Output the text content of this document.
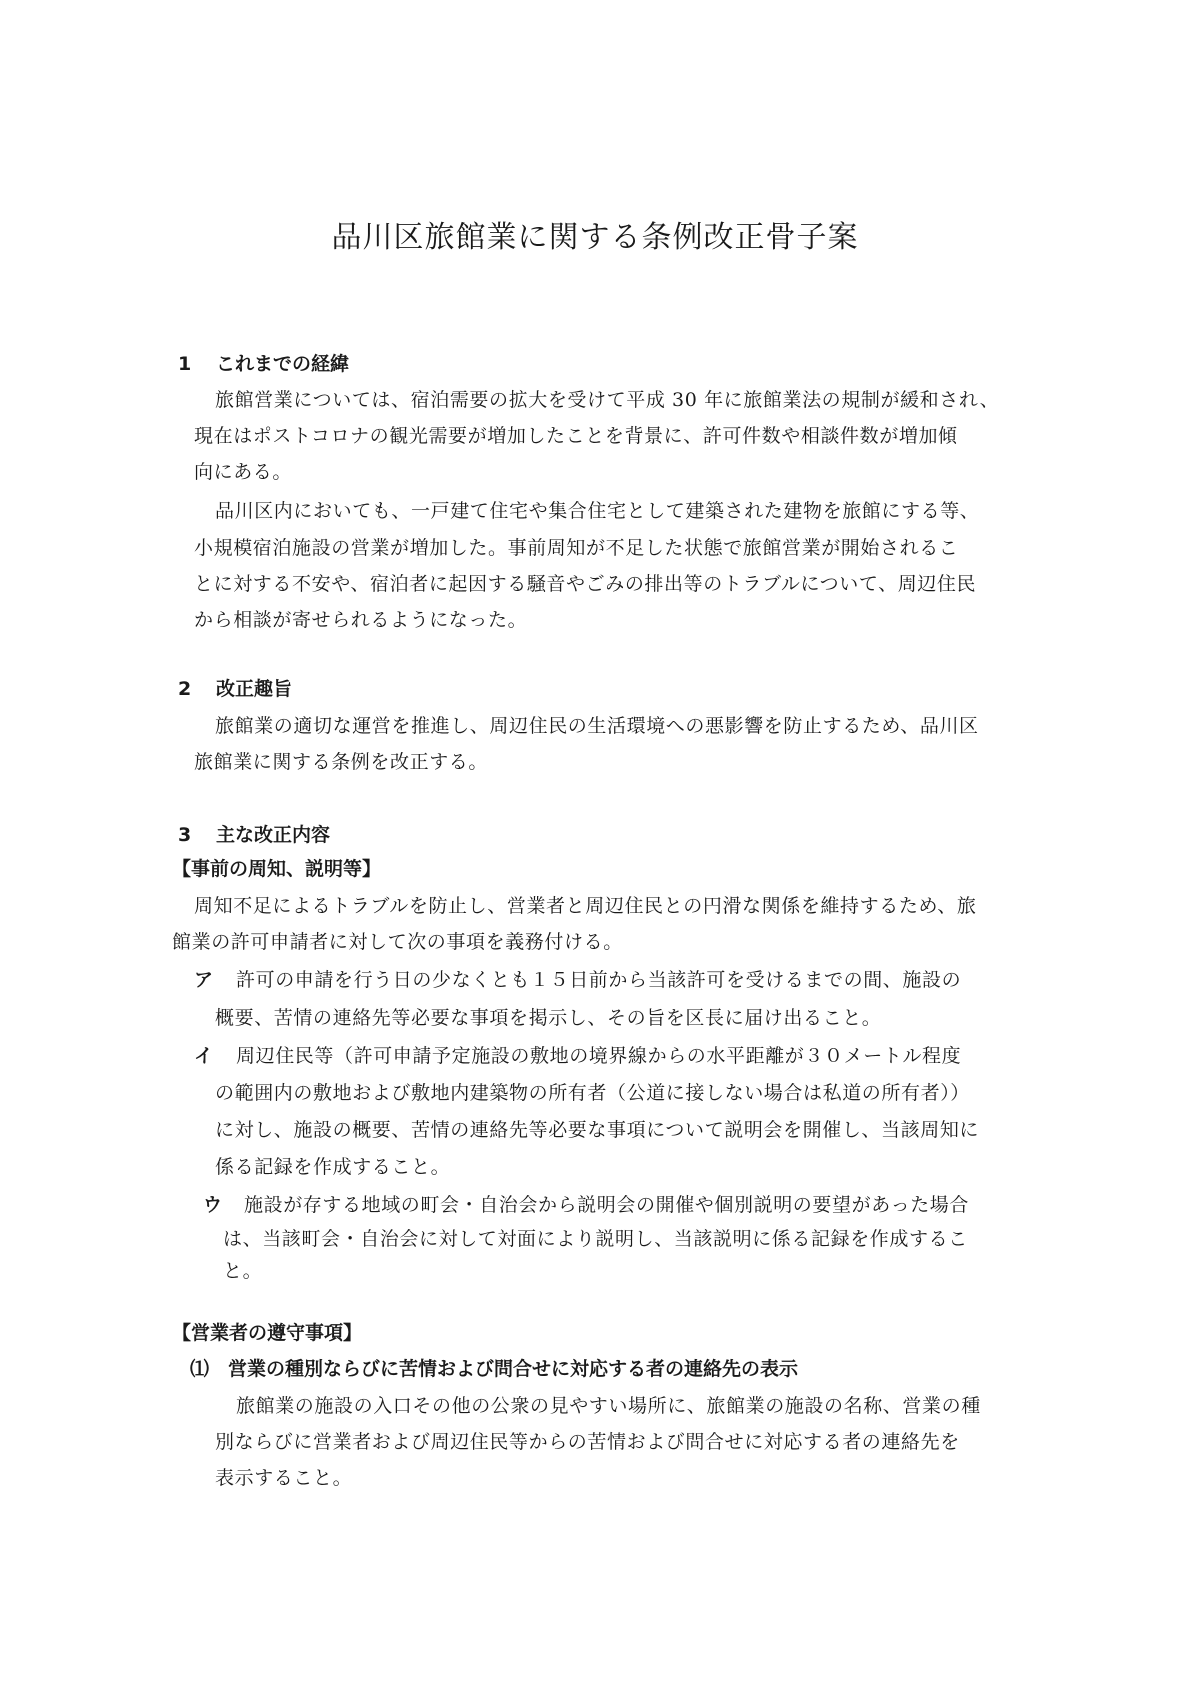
品川区旅館業に関する条例改正骨子案
1 これまでの経緯
旅館営業については、宿泊需要の拡大を受けて平成 30 年に旅館業法の規制が緩和され、
現在はポストコロナの観光需要が増加したことを背景に、許可件数や相談件数が増加傾
向にある。
品川区内においても、一戸建て住宅や集合住宅として建築された建物を旅館にする等、
小規模宿泊施設の営業が増加した。事前周知が不足した状態で旅館営業が開始されるこ
とに対する不安や、宿泊者に起因する騒音やごみの排出等のトラブルについて、周辺住民
から相談が寄せられるようになった。
2 改正趣旨
旅館業の適切な運営を推進し、周辺住民の生活環境への悪影響を防止するため、品川区
旅館業に関する条例を改正する。
3 主な改正内容
【事前の周知、説明等】
周知不足によるトラブルを防止し、営業者と周辺住民との円滑な関係を維持するため、旅
館業の許可申請者に対して次の事項を義務付ける。
ア 許可の申請を行う日の少なくとも１５日前から当該許可を受けるまでの間、施設の
概要、苦情の連絡先等必要な事項を掲示し、その旨を区長に届け出ること。
イ 周辺住民等（許可申請予定施設の敷地の境界線からの水平距離が３０メートル程度
の範囲内の敷地および敷地内建築物の所有者（公道に接しない場合は私道の所有者））
に対し、施設の概要、苦情の連絡先等必要な事項について説明会を開催し、当該周知に
係る記録を作成すること。
ウ 施設が存する地域の町会・自治会から説明会の開催や個別説明の要望があった場合
は、当該町会・自治会に対して対面により説明し、当該説明に係る記録を作成するこ
と。
【営業者の遵守事項】
⑴ 営業の種別ならびに苦情および問合せに対応する者の連絡先の表示
旅館業の施設の入口その他の公衆の見やすい場所に、旅館業の施設の名称、営業の種
別ならびに営業者および周辺住民等からの苦情および問合せに対応する者の連絡先を
表示すること。
